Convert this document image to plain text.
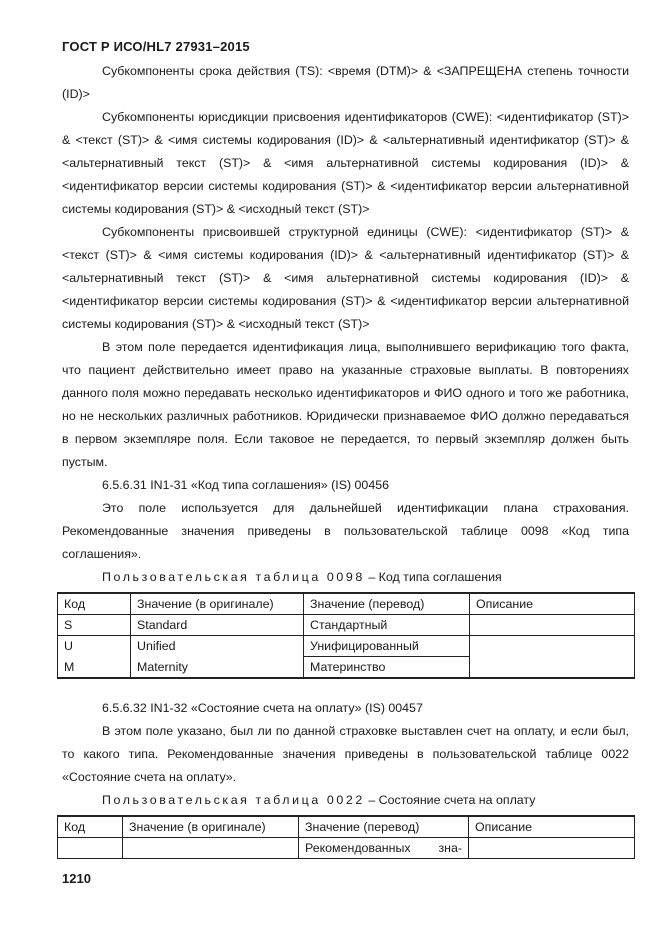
ГОСТ Р ИСО/HL7 27931–2015
Субкомпоненты срока действия (TS): <время (DTM)> & <ЗАПРЕЩЕНА степень точности (ID)>
Субкомпоненты юрисдикции присвоения идентификаторов (CWE): <идентификатор (ST)> & <текст (ST)> & <имя системы кодирования (ID)> & <альтернативный идентификатор (ST)> & <альтернативный текст (ST)> & <имя альтернативной системы кодирования (ID)> & <идентификатор версии системы кодирования (ST)> & <идентификатор версии альтернативной системы кодирования (ST)> & <исходный текст (ST)>
Субкомпоненты присвоившей структурной единицы (CWE): <идентификатор (ST)> & <текст (ST)> & <имя системы кодирования (ID)> & <альтернативный идентификатор (ST)> & <альтернативный текст (ST)> & <имя альтернативной системы кодирования (ID)> & <идентификатор версии системы кодирования (ST)> & <идентификатор версии альтернативной системы кодирования (ST)> & <исходный текст (ST)>
В этом поле передается идентификация лица, выполнившего верификацию того факта, что пациент действительно имеет право на указанные страховые выплаты. В повторениях данного поля можно передавать несколько идентификаторов и ФИО одного и того же работника, но не нескольких различных работников. Юридически признаваемое ФИО должно передаваться в первом экземпляре поля. Если таковое не передается, то первый экземпляр должен быть пустым.
6.5.6.31 IN1-31 «Код типа соглашения» (IS) 00456
Это поле используется для дальнейшей идентификации плана страхования. Рекомендованные значения приведены в пользовательской таблице 0098 «Код типа соглашения».
Пользовательская таблица 0098 – Код типа соглашения
Код	Значение (в оригинале)	Значение (перевод)	Описание
S	Standard	Стандартный	
U	Unified	Унифицированный	
M	Maternity	Материнство	
6.5.6.32 IN1-32 «Состояние счета на оплату» (IS) 00457
В этом поле указано, был ли по данной страховке выставлен счет на оплату, и если был, то какого типа. Рекомендованные значения приведены в пользовательской таблице 0022 «Состояние счета на оплату».
Пользовательская таблица 0022 – Состояние счета на оплату
Код	Значение (в оригинале)	Значение (перевод)	Описание
		Рекомендованных зна-	
1210
